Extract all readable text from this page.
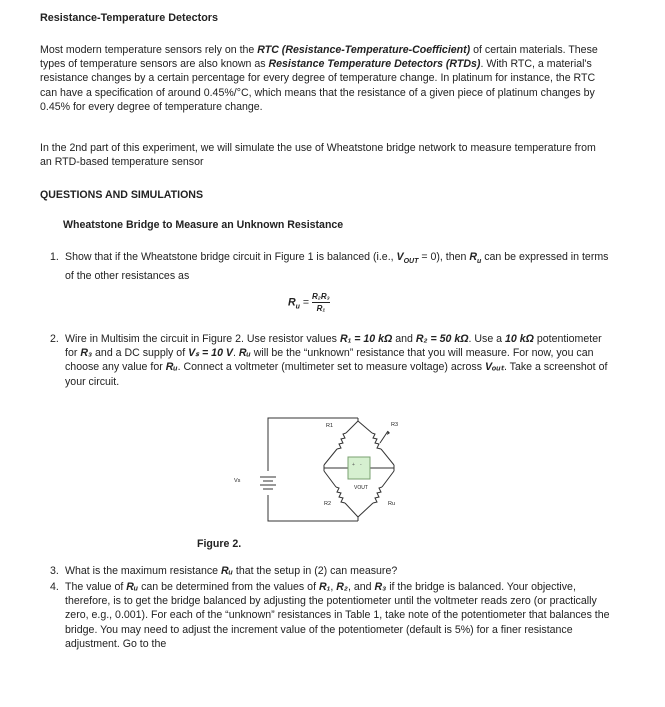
Resistance-Temperature Detectors

Most modern temperature sensors rely on the RTC (Resistance-Temperature-Coefficient) of certain materials. These types of temperature sensors are also known as Resistance Temperature Detectors (RTDs). With RTC, a material's resistance changes by a certain percentage for every degree of temperature change. In platinum for instance, the RTC can have a specification of around 0.45%/°C, which means that the resistance of a given piece of platinum changes by 0.45% for every degree of temperature change.

In the 2nd part of this experiment, we will simulate the use of Wheatstone bridge network to measure temperature from an RTD-based temperature sensor

QUESTIONS AND SIMULATIONS

Wheatstone Bridge to Measure an Unknown Resistance

1. Show that if the Wheatstone bridge circuit in Figure 1 is balanced (i.e., $V_{OUT} = 0$), then $R_u$ can be expressed in terms of the other resistances as

$R_u = \frac{\text{R₂R₃}}{\text{R₁}}$
2. Wire in Multisim the circuit in Figure 2. Use resistor values R₁ = 10 kΩ and R₂ = 50 kΩ. Use a 10 kΩ potentiometer for R₃ and a DC supply of Vₛ = 10 V. Rᵤ will be the “unknown” resistance that you will measure. For now, you can choose any value for Rᵤ. Connect a voltmeter (multimeter set to measure voltage) across Vₒᵤₜ. Take a screenshot of your circuit.

+ -
Vs
R1	R3
R2	Ru
VOUT

Figure 2.

3. What is the maximum resistance Rᵤ that the setup in (2) can measure?

4. The value of Rᵤ can be determined from the values of R₁, R₂, and R₃ if the bridge is balanced. Your objective, therefore, is to get the bridge balanced by adjusting the potentiometer until the voltmeter reads zero (or practically zero, e.g., 0.001). For each of the “unknown” resistances in Table 1, take note of the potentiometer that balances the bridge. You may need to adjust the increment value of the potentiometer (default is 5%) for a finer resistance adjustment. Go to the
